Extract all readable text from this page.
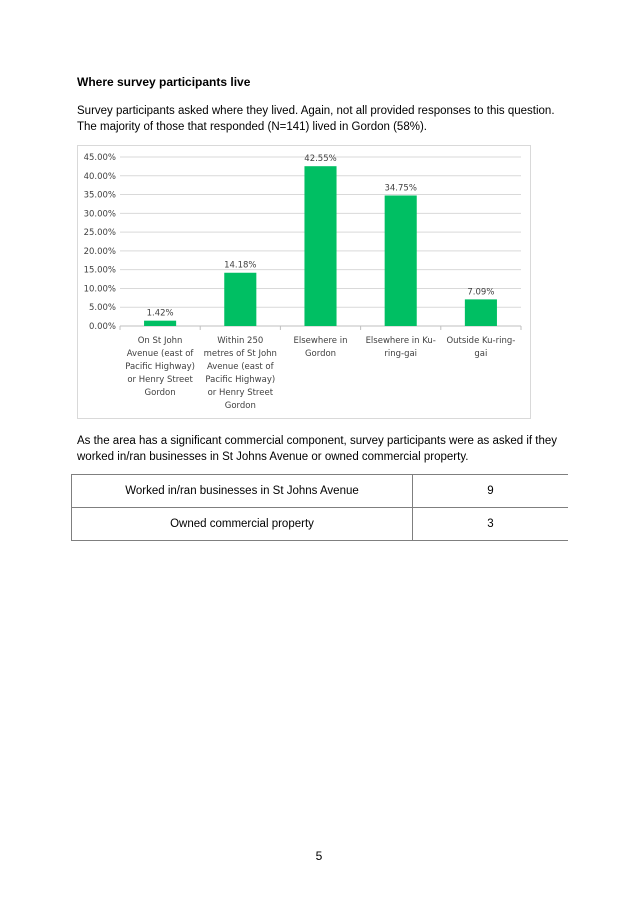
Where survey participants live
Survey participants asked where they lived. Again, not all provided responses to this question. The majority of those that responded (N=141) lived in Gordon (58%).
0.00%
5.00%
10.00%
15.00%
20.00%
25.00%
30.00%
35.00%
40.00%
45.00%
1.42%
On St John Avenue (east of Pacific Highway) or Henry Street Gordon
14.18%
Within 250 metres of St John Avenue (east of Pacific Highway) or Henry Street Gordon
42.55%
Elsewhere in Gordon
34.75%
Elsewhere in Ku-ring-gai
7.09%
Outside Ku-ring-gai
As the area has a significant commercial component, survey participants were as asked if they worked in/ran businesses in St Johns Avenue or owned commercial property.
Worked in/ran businesses in St Johns Avenue	9
Owned commercial property	3
5
